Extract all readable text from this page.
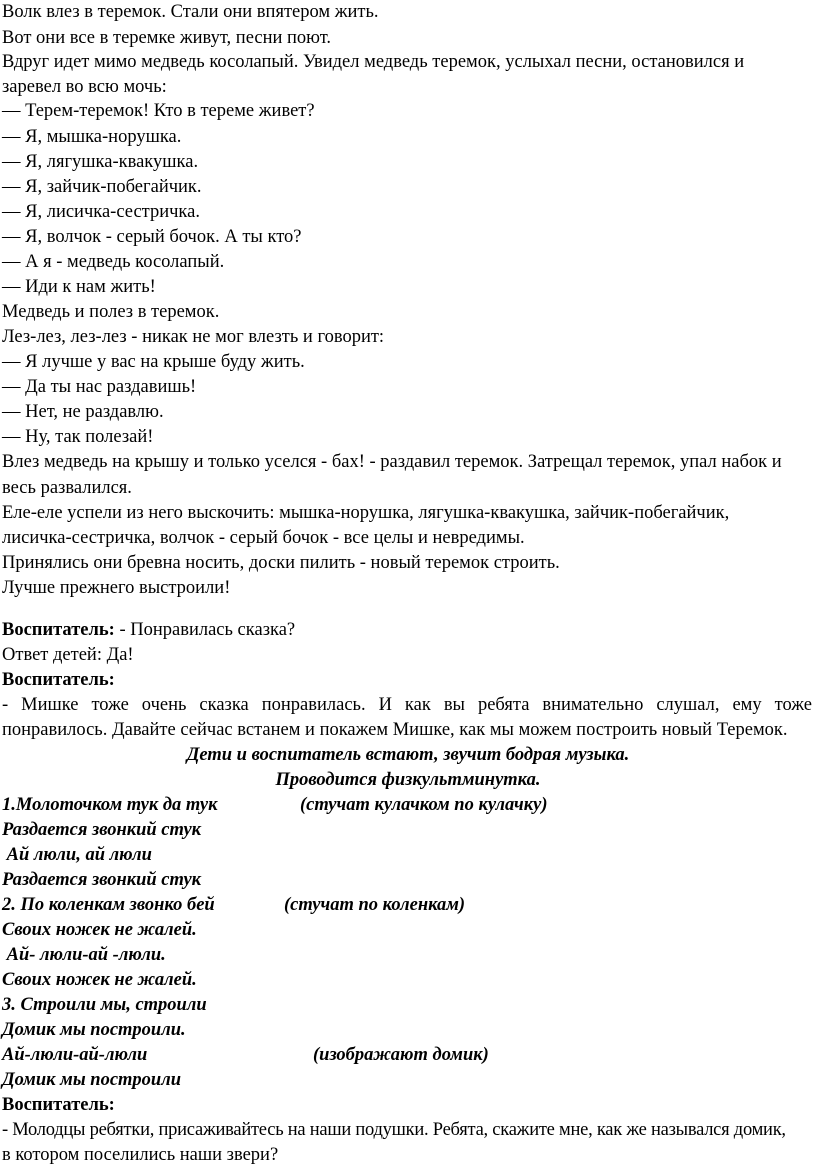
Волк влез в теремок. Стали они впятером жить.
Вот они все в теремке живут, песни поют.
Вдруг идет мимо медведь косолапый. Увидел медведь теремок, услыхал песни, остановился и
заревел во всю мочь:
— Терем-теремок! Кто в тереме живет?
— Я, мышка-норушка.
— Я, лягушка-квакушка.
— Я, зайчик-побегайчик.
— Я, лисичка-сестричка.
— Я, волчок - серый бочок. А ты кто?
— А я - медведь косолапый.
— Иди к нам жить!
Медведь и полез в теремок.
Лез-лез, лез-лез - никак не мог влезть и говорит:
— Я лучше у вас на крыше буду жить.
— Да ты нас раздавишь!
— Нет, не раздавлю.
— Ну, так полезай!
Влез медведь на крышу и только уселся - бах! - раздавил теремок. Затрещал теремок, упал набок и
весь развалился.
Еле-еле успели из него выскочить: мышка-норушка, лягушка-квакушка, зайчик-побегайчик,
лисичка-сестричка, волчок - серый бочок - все целы и невредимы.
Принялись они бревна носить, доски пилить - новый теремок строить.
Лучше прежнего выстроили!
Воспитатель: - Понравилась сказка?
Ответ детей: Да!
Воспитатель:
- Мишке тоже очень сказка понравилась. И как вы ребята внимательно слушал, ему тоже
понравилось. Давайте сейчас встанем и покажем Мишке, как мы можем построить новый Теремок.
Дети и воспитатель встают, звучит бодрая музыка.
Проводится физкультминутка.
1.Молоточком тук да тук	(стучат кулачком по кулачку)
Раздается звонкий стук
Ай люли, ай люли
Раздается звонкий стук
2. По коленкам звонко бей	(стучат по коленкам)
Своих ножек не жалей.
Ай- люли-ай -люли.
Своих ножек не жалей.
3. Строили мы, строили
Домик мы построили.
Ай-люли-ай-люли	(изображают домик)
Домик мы построили
Воспитатель:
- Молодцы ребятки, присаживайтесь на наши подушки. Ребята, скажите мне, как же назывался домик,
в котором поселились наши звери?
